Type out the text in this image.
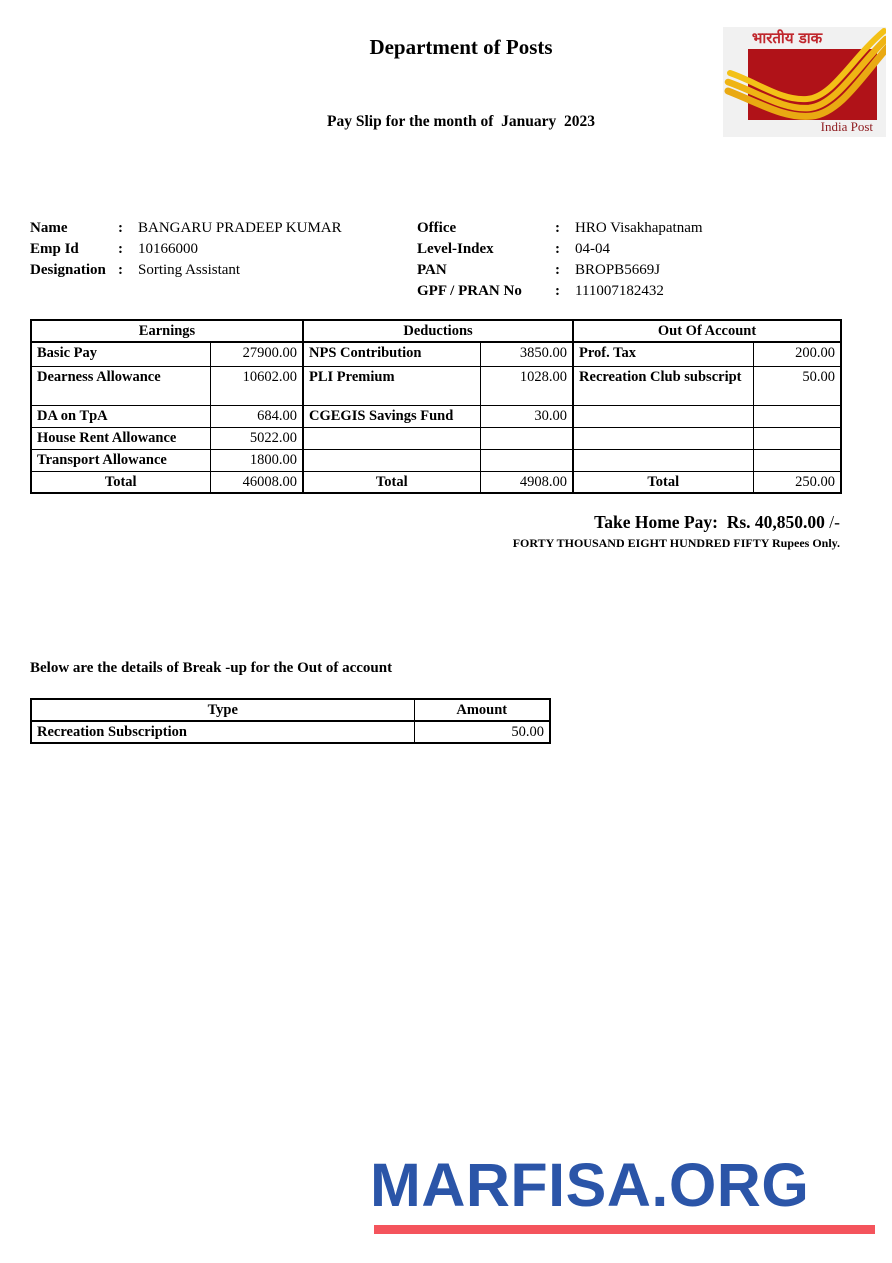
Department of Posts
Pay Slip for the month of  January  2023
भारतीय डाक
India Post
Name	:	BANGARU PRADEEP KUMAR
Emp Id	:	10166000
Designation :	Sorting Assistant
Office	:	HRO Visakhapatnam
Level-Index	:	04-04
PAN	:	BROPB5669J
GPF / PRAN No	:	111007182432
Earnings		Deductions		Out Of Account	
Basic Pay	27900.00	NPS Contribution	3850.00	Prof. Tax	200.00
Dearness Allowance	10602.00	PLI Premium	1028.00	Recreation Club subscript	50.00
DA on TpA	684.00	CGEGIS Savings Fund	30.00		
House Rent Allowance	5022.00				
Transport Allowance	1800.00				
Total	46008.00	Total	4908.00	Total	250.00
Take Home Pay:  Rs. 40,850.00 /-
FORTY THOUSAND EIGHT HUNDRED FIFTY Rupees Only.
Below are the details of Break -up for the Out of account
Type	Amount
Recreation Subscription	50.00
MARFISA.ORG
